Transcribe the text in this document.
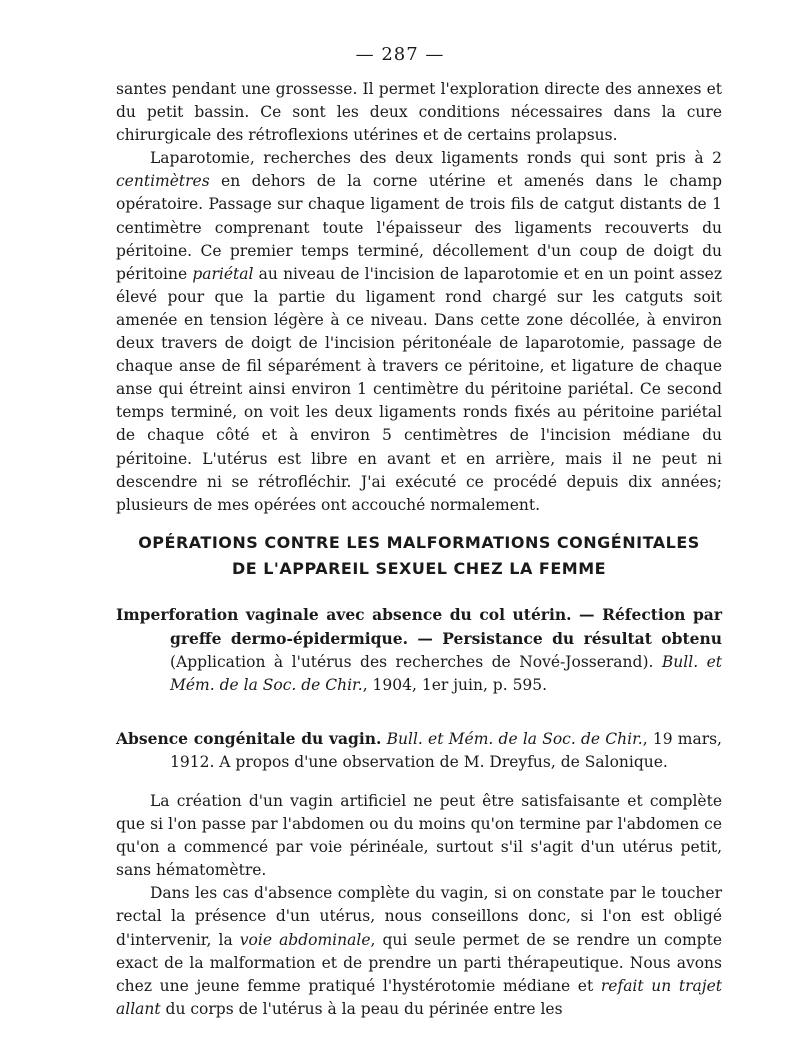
— 287 —

santes pendant une grossesse. Il permet l'exploration directe des annexes et du petit bassin. Ce sont les deux conditions nécessaires dans la cure chirurgicale des rétroflexions utérines et de certains prolapsus.

Laparotomie, recherches des deux ligaments ronds qui sont pris à 2 centimètres en dehors de la corne utérine et amenés dans le champ opératoire. Passage sur chaque ligament de trois fils de catgut distants de 1 centimètre comprenant toute l'épaisseur des ligaments recouverts du péritoine. Ce premier temps terminé, décollement d'un coup de doigt du péritoine pariétal au niveau de l'incision de laparotomie et en un point assez élevé pour que la partie du ligament rond chargé sur les catguts soit amenée en tension légère à ce niveau. Dans cette zone décollée, à environ deux travers de doigt de l'incision péritonéale de laparotomie, passage de chaque anse de fil séparément à travers ce péritoine, et ligature de chaque anse qui étreint ainsi environ 1 centimètre du péritoine pariétal. Ce second temps terminé, on voit les deux ligaments ronds fixés au péritoine pariétal de chaque côté et à environ 5 centimètres de l'incision médiane du péritoine. L'utérus est libre en avant et en arrière, mais il ne peut ni descendre ni se rétrofléchir. J'ai exécuté ce procédé depuis dix années; plusieurs de mes opérées ont accouché normalement.

OPÉRATIONS CONTRE LES MALFORMATIONS CONGÉNITALES
DE L'APPAREIL SEXUEL CHEZ LA FEMME

Imperforation vaginale avec absence du col utérin. — Réfection par greffe dermo-épidermique. — Persistance du résultat obtenu (Application à l'utérus des recherches de Nové-Josserand). Bull. et Mém. de la Soc. de Chir., 1904, 1er juin, p. 595.

Absence congénitale du vagin. Bull. et Mém. de la Soc. de Chir., 19 mars, 1912. A propos d'une observation de M. Dreyfus, de Salonique.

La création d'un vagin artificiel ne peut être satisfaisante et complète que si l'on passe par l'abdomen ou du moins qu'on termine par l'abdomen ce qu'on a commencé par voie périnéale, surtout s'il s'agit d'un utérus petit, sans hématomètre.

Dans les cas d'absence complète du vagin, si on constate par le toucher rectal la présence d'un utérus, nous conseillons donc, si l'on est obligé d'intervenir, la voie abdominale, qui seule permet de se rendre un compte exact de la malformation et de prendre un parti thérapeutique. Nous avons chez une jeune femme pratiqué l'hystérotomie médiane et refait un trajet allant du corps de l'utérus à la peau du périnée entre les
